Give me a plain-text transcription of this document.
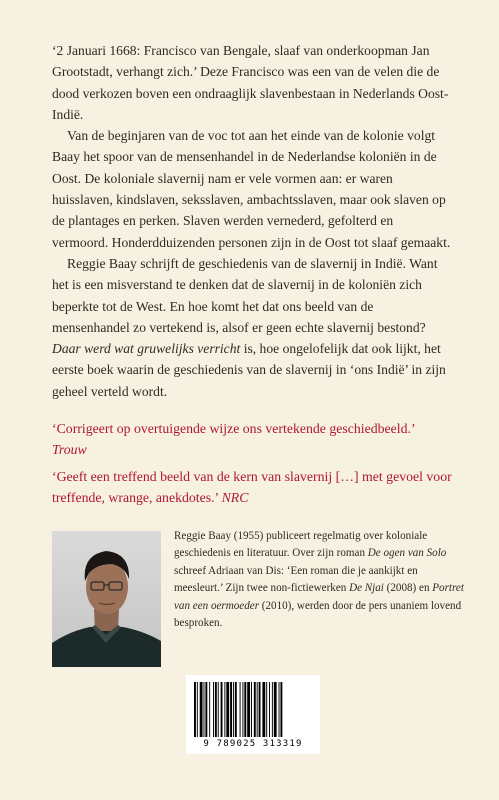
‘2 Januari 1668: Francisco van Bengale, slaaf van onderkoopman Jan Grootstadt, verhangt zich.’ Deze Francisco was een van de velen die de dood verkozen boven een ondraaglijk slavenbestaan in Nederlands Oost-Indië.

Van de beginjaren van de voc tot aan het einde van de kolonie volgt Baay het spoor van de mensenhandel in de Nederlandse koloniën in de Oost. De koloniale slavernij nam er vele vormen aan: er waren huisslaven, kindslaven, seksslaven, ambachtsslaven, maar ook slaven op de plantages en perken. Slaven werden vernederd, gefolterd en vermoord. Honderdduizenden personen zijn in de Oost tot slaaf gemaakt.

Reggie Baay schrijft de geschiedenis van de slavernij in Indië. Want het is een misverstand te denken dat de slavernij in de koloniën zich beperkte tot de West. En hoe komt het dat ons beeld van de mensenhandel zo vertekend is, alsof er geen echte slavernij bestond? Daar werd wat gruwelijks verricht is, hoe ongelofelijk dat ook lijkt, het eerste boek waarin de geschiedenis van de slavernij in ‘ons Indië’ in zijn geheel verteld wordt.

‘Corrigeert op overtuigende wijze ons vertekende geschiedbeeld.’ Trouw
‘Geeft een treffend beeld van de kern van slavernij […] met gevoel voor treffende, wrange, anekdotes.’ NRC

Reggie Baay (1955) publiceert regelmatig over koloniale geschiedenis en literatuur. Over zijn roman De ogen van Solo schreef Adriaan van Dis: ‘Een roman die je aankijkt en meesleurt.’ Zijn twee non-fictiewerken De Njai (2008) en Portret van een oermoeder (2010), werden door de pers unaniem lovend besproken.

9 789025 313319
